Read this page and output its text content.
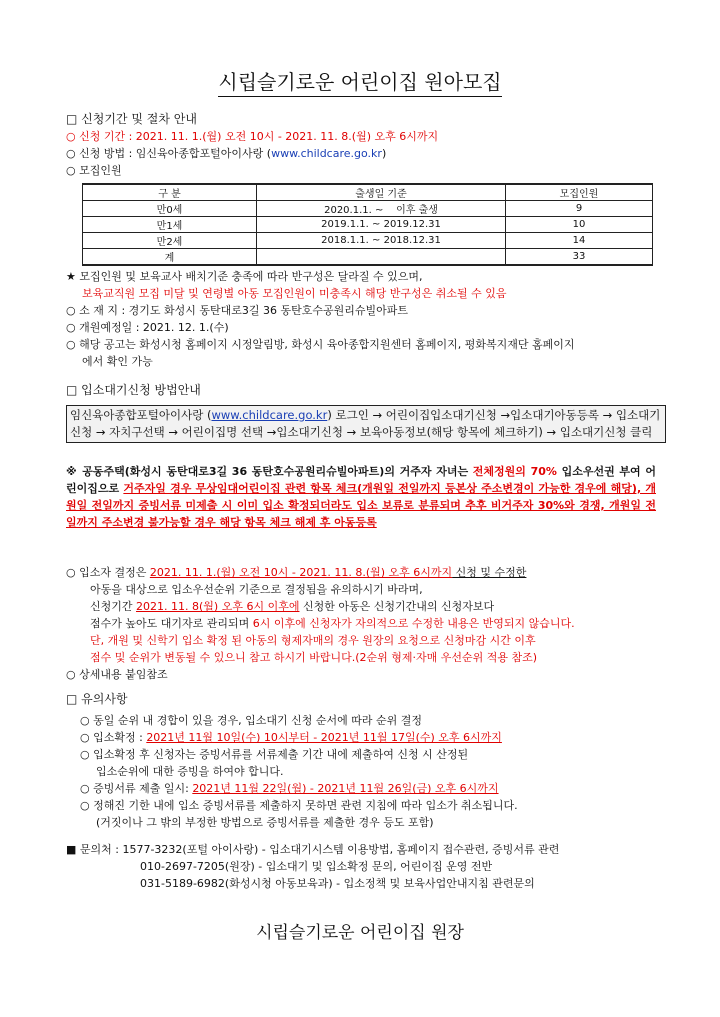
시립슬기로운 어린이집 원아모집
□ 신청기간 및 절차 안내
○ 신청 기간 : 2021. 11. 1.(월) 오전 10시 ‐ 2021. 11. 8.(월) 오후 6시까지
○ 신청 방법 : 임신육아종합포털아이사랑 (www.childcare.go.kr)
○ 모집인원
구 분	출생일 기준	모집인원
만0세	2020.1.1. ~    이후 출생	9
만1세	2019.1.1. ~ 2019.12.31	10
만2세	2018.1.1. ~ 2018.12.31	14
계		33
★ 모집인원 및 보육교사 배치기준 충족에 따라 반구성은 달라질 수 있으며,
보육교직원 모집 미달 및 연령별 아동 모집인원이 미충족시 해당 반구성은 취소될 수 있음
○ 소 재 지 : 경기도 화성시 동탄대로3길 36 동탄호수공원리슈빌아파트
○ 개원예정일 : 2021. 12. 1.(수)
○ 해당 공고는 화성시청 홈페이지 시정알림방, 화성시 육아종합지원센터 홈페이지, 평화복지재단 홈페이지
에서 확인 가능
□ 입소대기신청 방법안내
임신육아종합포털아이사랑 (www.childcare.go.kr) 로그인 → 어린이집입소대기신청 →입소대기아동등록 → 입소대기 신청 → 자치구선택 → 어린이집명 선택 →입소대기신청 → 보육아동정보(해당 항목에 체크하기) → 입소대기신청 클릭
※ 공동주택(화성시 동탄대로3길 36 동탄호수공원리슈빌아파트)의 거주자 자녀는 전체정원의 70% 입소우선권 부여 어린이집으로 거주자일 경우 무상임대어린이집 관련 항목 체크(개원일 전일까지 등본상 주소변경이 가능한 경우에 해당), 개원일 전일까지 증빙서류 미제출 시 이미 입소 확정되더라도 입소 보류로 분류되며 추후 비거주자 30%와 경쟁, 개원일 전일까지 주소변경 불가능할 경우 해당 항목 체크 해제 후 아동등록
○ 입소자 결정은 2021. 11. 1.(월) 오전 10시 ‐ 2021. 11. 8.(월) 오후 6시까지 신청 및 수정한
아동을 대상으로 입소우선순위 기준으로 결정됨을 유의하시기 바라며,
신청기간 2021. 11. 8(월) 오후 6시 이후에 신청한 아동은 신청기간내의 신청자보다
점수가 높아도 대기자로 관리되며 6시 이후에 신청자가 자의적으로 수정한 내용은 반영되지 않습니다.
단, 개원 및 신학기 입소 확정 된 아동의 형제자매의 경우 원장의 요청으로 신청마감 시간 이후
점수 및 순위가 변동될 수 있으니 참고 하시기 바랍니다.(2순위 형제·자매 우선순위 적용 참조)
○ 상세내용 붙임참조
□ 유의사항
○ 동일 순위 내 경합이 있을 경우, 입소대기 신청 순서에 따라 순위 결정
○ 입소확정 : 2021년 11월 10일(수) 10시부터 ‐ 2021년 11월 17일(수) 오후 6시까지
○ 입소확정 후 신청자는 증빙서류를 서류제출 기간 내에 제출하여 신청 시 산정된
입소순위에 대한 증빙을 하여야 합니다.
○ 증빙서류 제출 일시: 2021년 11월 22일(월) ‐ 2021년 11월 26일(금) 오후 6시까지
○ 정해진 기한 내에 입소 증빙서류를 제출하지 못하면 관련 지침에 따라 입소가 취소됩니다.
(거짓이나 그 밖의 부정한 방법으로 증빙서류를 제출한 경우 등도 포함)
■ 문의처 : 1577-3232(포털 아이사랑) - 입소대기시스템 이용방법, 홈페이지 접수관련, 증빙서류 관련
010-2697-7205(원장) - 입소대기 및 입소확정 문의, 어린이집 운영 전반
031-5189-6982(화성시청 아동보육과) - 입소정책 및 보육사업안내지침 관련문의
시립슬기로운 어린이집 원장
